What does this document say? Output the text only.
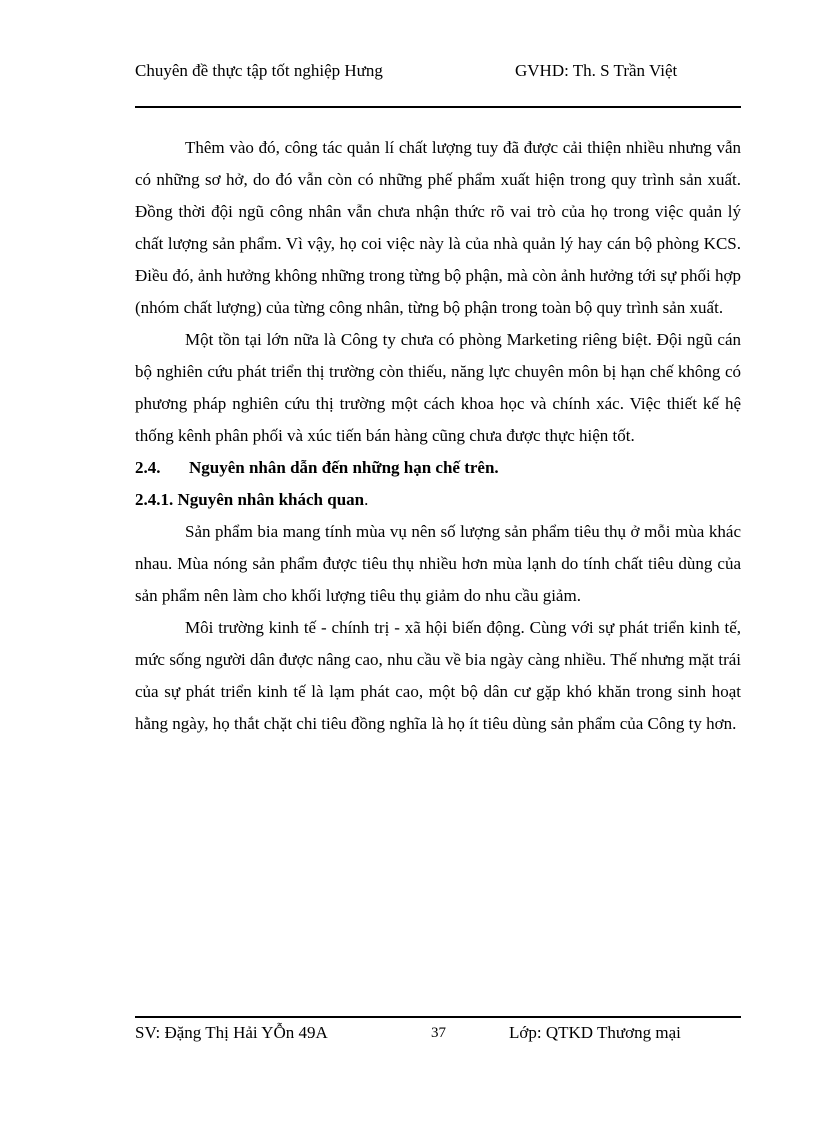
Chuyên đề thực tập tốt nghiệp Hưng	GVHD: Th. S Trần Việt

Thêm vào đó, công tác quản lí chất lượng tuy đã được cải thiện nhiều nhưng vẫn có những sơ hở, do đó vẫn còn có những phế phẩm xuất hiện trong quy trình sản xuất. Đồng thời đội ngũ công nhân vẫn chưa nhận thức rõ vai trò của họ trong việc quản lý chất lượng sản phẩm. Vì vậy, họ coi việc này là của nhà quản lý hay cán bộ phòng KCS. Điều đó, ảnh hưởng không những trong từng bộ phận, mà còn ảnh hưởng tới sự phối hợp (nhóm chất lượng) của từng công nhân, từng bộ phận trong toàn bộ quy trình sản xuất.

Một tồn tại lớn nữa là Công ty chưa có phòng Marketing riêng biệt. Đội ngũ cán bộ nghiên cứu phát triển thị trường còn thiếu, năng lực chuyên môn bị hạn chế không có phương pháp nghiên cứu thị trường một cách khoa học và chính xác. Việc thiết kế hệ thống kênh phân phối và xúc tiến bán hàng cũng chưa được thực hiện tốt.

2.4. Nguyên nhân dẫn đến những hạn chế trên.

2.4.1. Nguyên nhân khách quan.

Sản phẩm bia mang tính mùa vụ nên số lượng sản phẩm tiêu thụ ở mỗi mùa khác nhau. Mùa nóng sản phẩm được tiêu thụ nhiều hơn mùa lạnh do tính chất tiêu dùng của sản phẩm nên làm cho khối lượng tiêu thụ giảm do nhu cầu giảm.

Môi trường kinh tế - chính trị - xã hội biến động. Cùng với sự phát triển kinh tế, mức sống người dân được nâng cao, nhu cầu về bia ngày càng nhiều. Thế nhưng mặt trái của sự phát triển kinh tế là lạm phát cao, một bộ dân cư gặp khó khăn trong sinh hoạt hằng ngày, họ thắt chặt chi tiêu đồng nghĩa là họ ít tiêu dùng sản phẩm của Công ty hơn.

SV: Đặng Thị Hải YỖn 49A	37	Lớp: QTKD Thương mại
